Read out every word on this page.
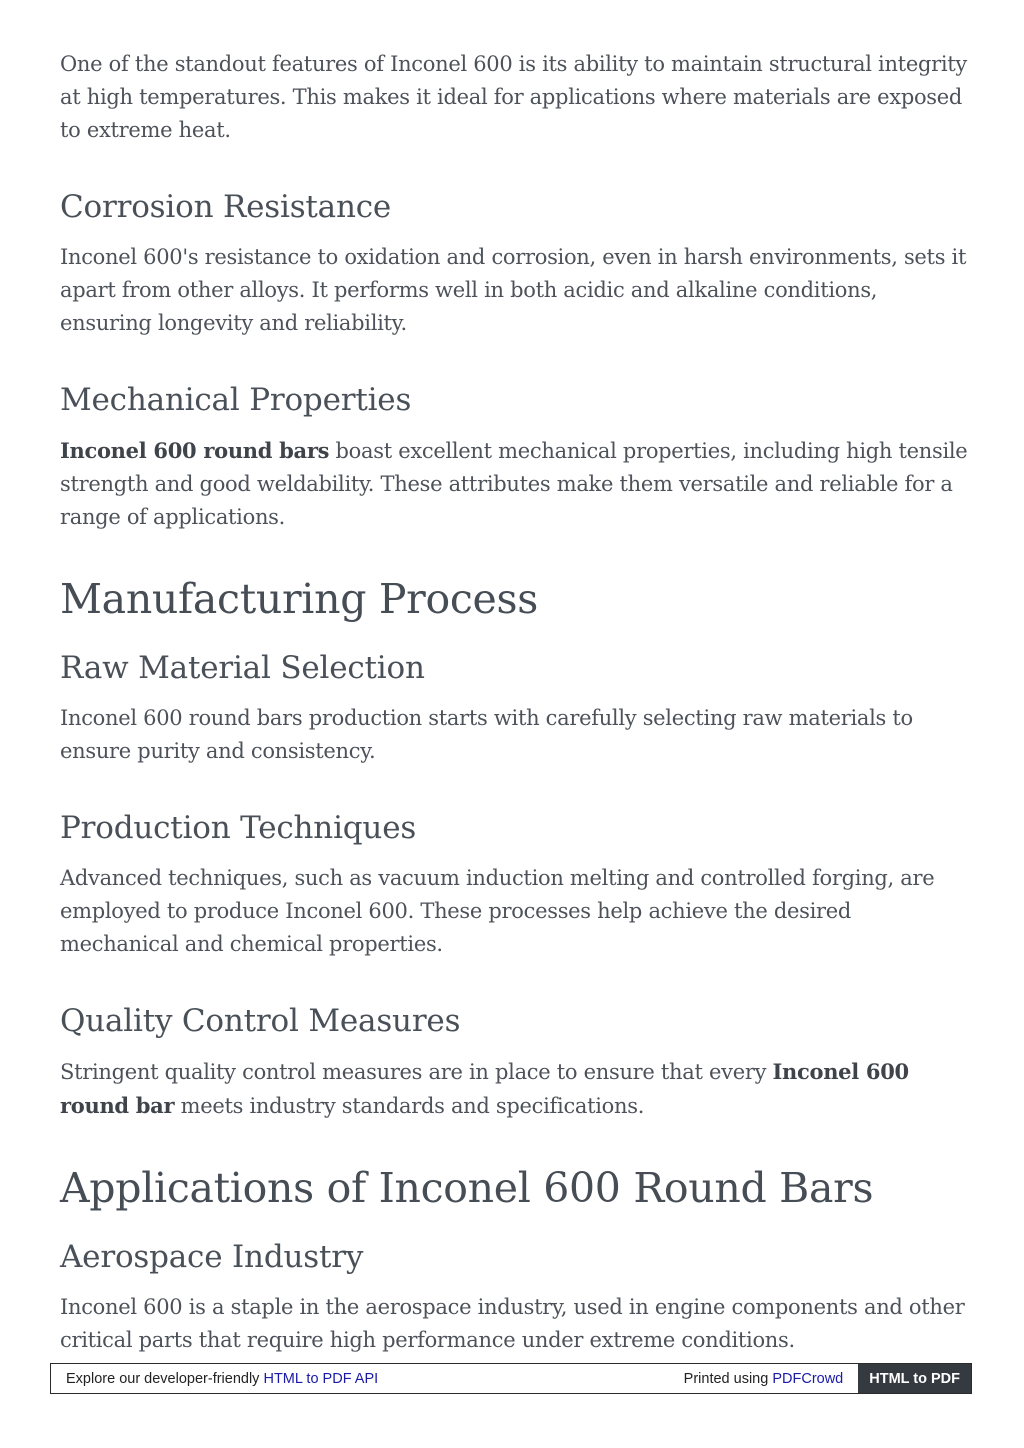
One of the standout features of Inconel 600 is its ability to maintain structural integrity at high temperatures. This makes it ideal for applications where materials are exposed to extreme heat.

Corrosion Resistance

Inconel 600's resistance to oxidation and corrosion, even in harsh environments, sets it apart from other alloys. It performs well in both acidic and alkaline conditions, ensuring longevity and reliability.

Mechanical Properties

Inconel 600 round bars boast excellent mechanical properties, including high tensile strength and good weldability. These attributes make them versatile and reliable for a range of applications.

Manufacturing Process
Raw Material Selection

Inconel 600 round bars production starts with carefully selecting raw materials to ensure purity and consistency.

Production Techniques

Advanced techniques, such as vacuum induction melting and controlled forging, are employed to produce Inconel 600. These processes help achieve the desired mechanical and chemical properties.

Quality Control Measures

Stringent quality control measures are in place to ensure that every Inconel 600 round bar meets industry standards and specifications.

Applications of Inconel 600 Round Bars
Aerospace Industry

Inconel 600 is a staple in the aerospace industry, used in engine components and other critical parts that require high performance under extreme conditions.

Explore our developer-friendly HTML to PDF API	Printed using PDFCrowd	HTML to PDF
